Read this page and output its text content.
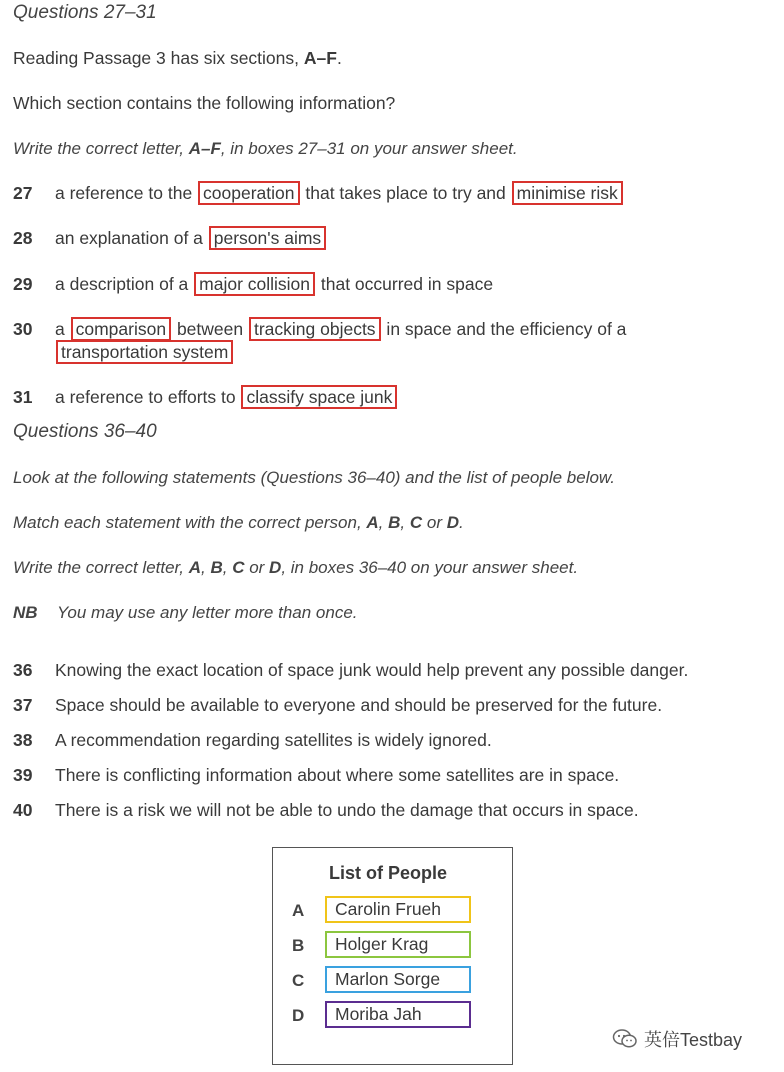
Questions 27–31
Reading Passage 3 has six sections, A–F.
Which section contains the following information?
Write the correct letter, A–F, in boxes 27–31 on your answer sheet.
27 a reference to the cooperation that takes place to try and minimise risk
28 an explanation of a person's aims
29 a description of a major collision that occurred in space
30 a comparison between tracking objects in space and the efficiency of a
transportation system
31 a reference to efforts to classify space junk
Questions 36–40
Look at the following statements (Questions 36–40) and the list of people below.
Match each statement with the correct person, A, B, C or D.
Write the correct letter, A, B, C or D, in boxes 36–40 on your answer sheet.
NB You may use any letter more than once.
36 Knowing the exact location of space junk would help prevent any possible danger.
37 Space should be available to everyone and should be preserved for the future.
38 A recommendation regarding satellites is widely ignored.
39 There is conflicting information about where some satellites are in space.
40 There is a risk we will not be able to undo the damage that occurs in space.
List of People
A	Carolin Frueh
B	Holger Krag
C	Marlon Sorge
D	Moriba Jah
英倍Testbay
